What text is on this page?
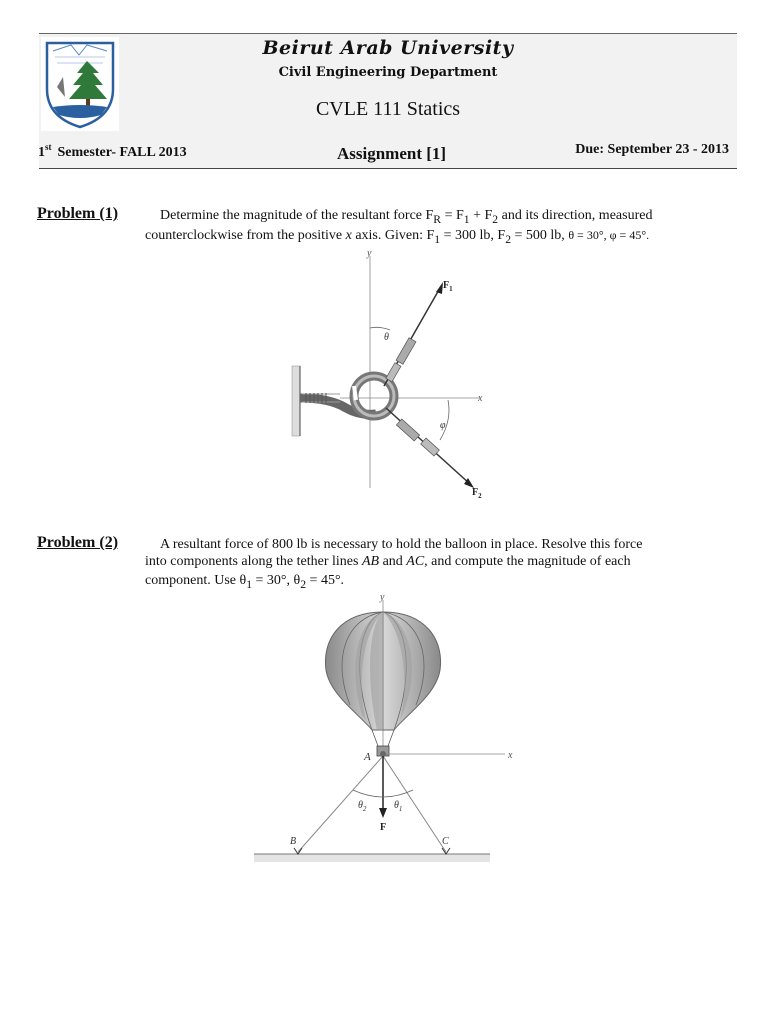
Beirut Arab University
Civil Engineering Department
CVLE 111 Statics
1st Semester- FALL 2013	Assignment [1]	Due: September 23 - 2013
Problem (1)	Determine the magnitude of the resultant force $F_R = F_1 + F_2$ and its direction, measured
counterclockwise from the positive x axis. Given: $F_1 = 300$ lb, $F_2 = 500$ lb, θ = 30°, φ = 45°.
y
x
$F_1$
θ
$F_2$
φ
Problem (2)	A resultant force of 800 lb is necessary to hold the balloon in place. Resolve this force
into components along the tether lines AB and AC, and compute the magnitude of each
component. Use $\theta_1 = 30^\circ$, $\theta_2 = 45^\circ$.
y
x
A
F
$\theta_2$	$\theta_1$
B	C
